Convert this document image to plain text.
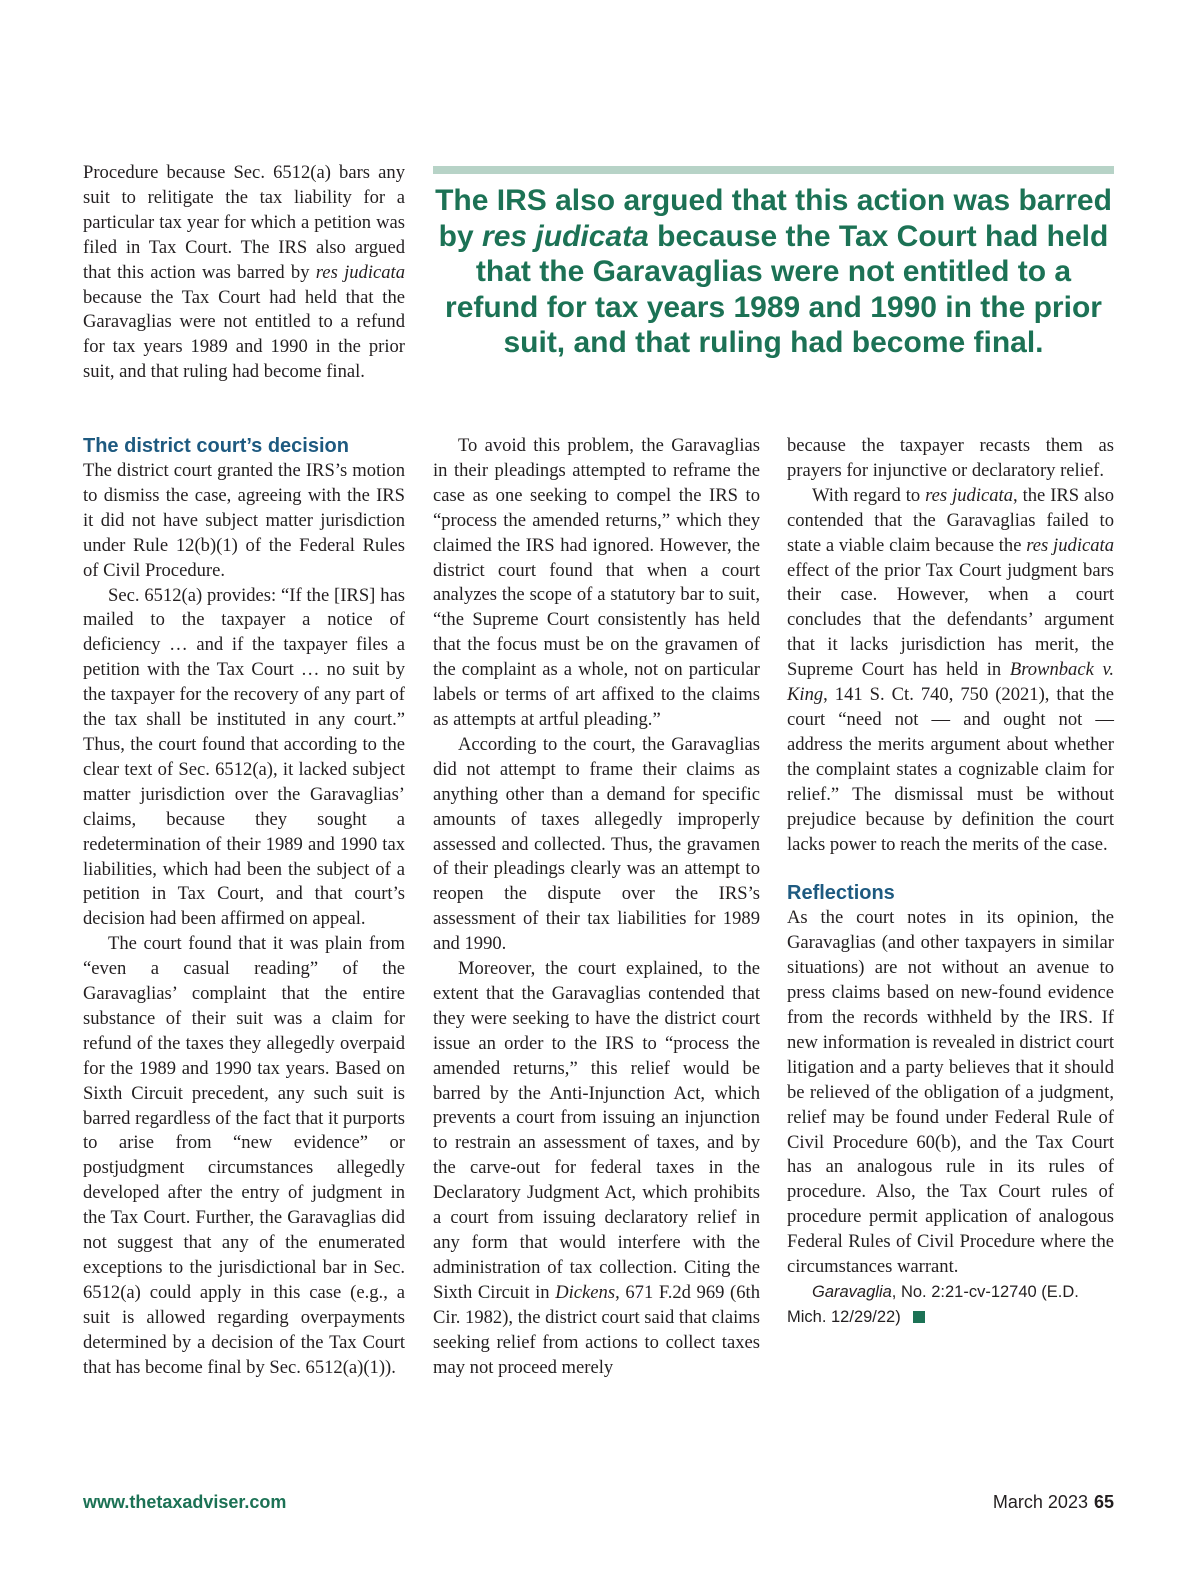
Procedure because Sec. 6512(a) bars any suit to relitigate the tax liability for a particular tax year for which a petition was filed in Tax Court. The IRS also argued that this action was barred by res judicata because the Tax Court had held that the Garavaglias were not entitled to a refund for tax years 1989 and 1990 in the prior suit, and that ruling had become final.

The IRS also argued that this action was barred by res judicata because the Tax Court had held that the Garavaglias were not entitled to a refund for tax years 1989 and 1990 in the prior suit, and that ruling had become final.

The district court’s decision

The district court granted the IRS’s motion to dismiss the case, agreeing with the IRS it did not have subject matter jurisdiction under Rule 12(b)(1) of the Federal Rules of Civil Procedure.

Sec. 6512(a) provides: “If the [IRS] has mailed to the taxpayer a notice of deficiency … and if the taxpayer files a petition with the Tax Court … no suit by the taxpayer for the recovery of any part of the tax shall be instituted in any court.” Thus, the court found that according to the clear text of Sec. 6512(a), it lacked subject matter jurisdiction over the Garavaglias’ claims, because they sought a redetermination of their 1989 and 1990 tax liabilities, which had been the subject of a petition in Tax Court, and that court’s decision had been affirmed on appeal.

The court found that it was plain from “even a casual reading” of the Garavaglias’ complaint that the entire substance of their suit was a claim for refund of the taxes they allegedly overpaid for the 1989 and 1990 tax years. Based on Sixth Circuit precedent, any such suit is barred regardless of the fact that it purports to arise from “new evidence” or postjudgment circumstances allegedly developed after the entry of judgment in the Tax Court. Further, the Garavaglias did not suggest that any of the enumerated exceptions to the jurisdictional bar in Sec. 6512(a) could apply in this case (e.g., a suit is allowed regarding overpayments determined by a decision of the Tax Court that has become final by Sec. 6512(a)(1)).

To avoid this problem, the Garavaglias in their pleadings attempted to reframe the case as one seeking to compel the IRS to “process the amended returns,” which they claimed the IRS had ignored. However, the district court found that when a court analyzes the scope of a statutory bar to suit, “the Supreme Court consistently has held that the focus must be on the gravamen of the complaint as a whole, not on particular labels or terms of art affixed to the claims as attempts at artful pleading.”

According to the court, the Garavaglias did not attempt to frame their claims as anything other than a demand for specific amounts of taxes allegedly improperly assessed and collected. Thus, the gravamen of their pleadings clearly was an attempt to reopen the dispute over the IRS’s assessment of their tax liabilities for 1989 and 1990.

Moreover, the court explained, to the extent that the Garavaglias contended that they were seeking to have the district court issue an order to the IRS to “process the amended returns,” this relief would be barred by the Anti-Injunction Act, which prevents a court from issuing an injunction to restrain an assessment of taxes, and by the carve-out for federal taxes in the Declaratory Judgment Act, which prohibits a court from issuing declaratory relief in any form that would interfere with the administration of tax collection. Citing the Sixth Circuit in Dickens, 671 F.2d 969 (6th Cir. 1982), the district court said that claims seeking relief from actions to collect taxes may not proceed merely

because the taxpayer recasts them as prayers for injunctive or declaratory relief.

With regard to res judicata, the IRS also contended that the Garavaglias failed to state a viable claim because the res judicata effect of the prior Tax Court judgment bars their case. However, when a court concludes that the defendants’ argument that it lacks jurisdiction has merit, the Supreme Court has held in Brownback v. King, 141 S. Ct. 740, 750 (2021), that the court “need not — and ought not — address the merits argument about whether the complaint states a cognizable claim for relief.” The dismissal must be without prejudice because by definition the court lacks power to reach the merits of the case.

Reflections

As the court notes in its opinion, the Garavaglias (and other taxpayers in similar situations) are not without an avenue to press claims based on new-found evidence from the records withheld by the IRS. If new information is revealed in district court litigation and a party believes that it should be relieved of the obligation of a judgment, relief may be found under Federal Rule of Civil Procedure 60(b), and the Tax Court has an analogous rule in its rules of procedure. Also, the Tax Court rules of procedure permit application of analogous Federal Rules of Civil Procedure where the circumstances warrant.

Garavaglia, No. 2:21-cv-12740 (E.D. Mich. 12/29/22)

www.thetaxadviser.com	March 2023 65
